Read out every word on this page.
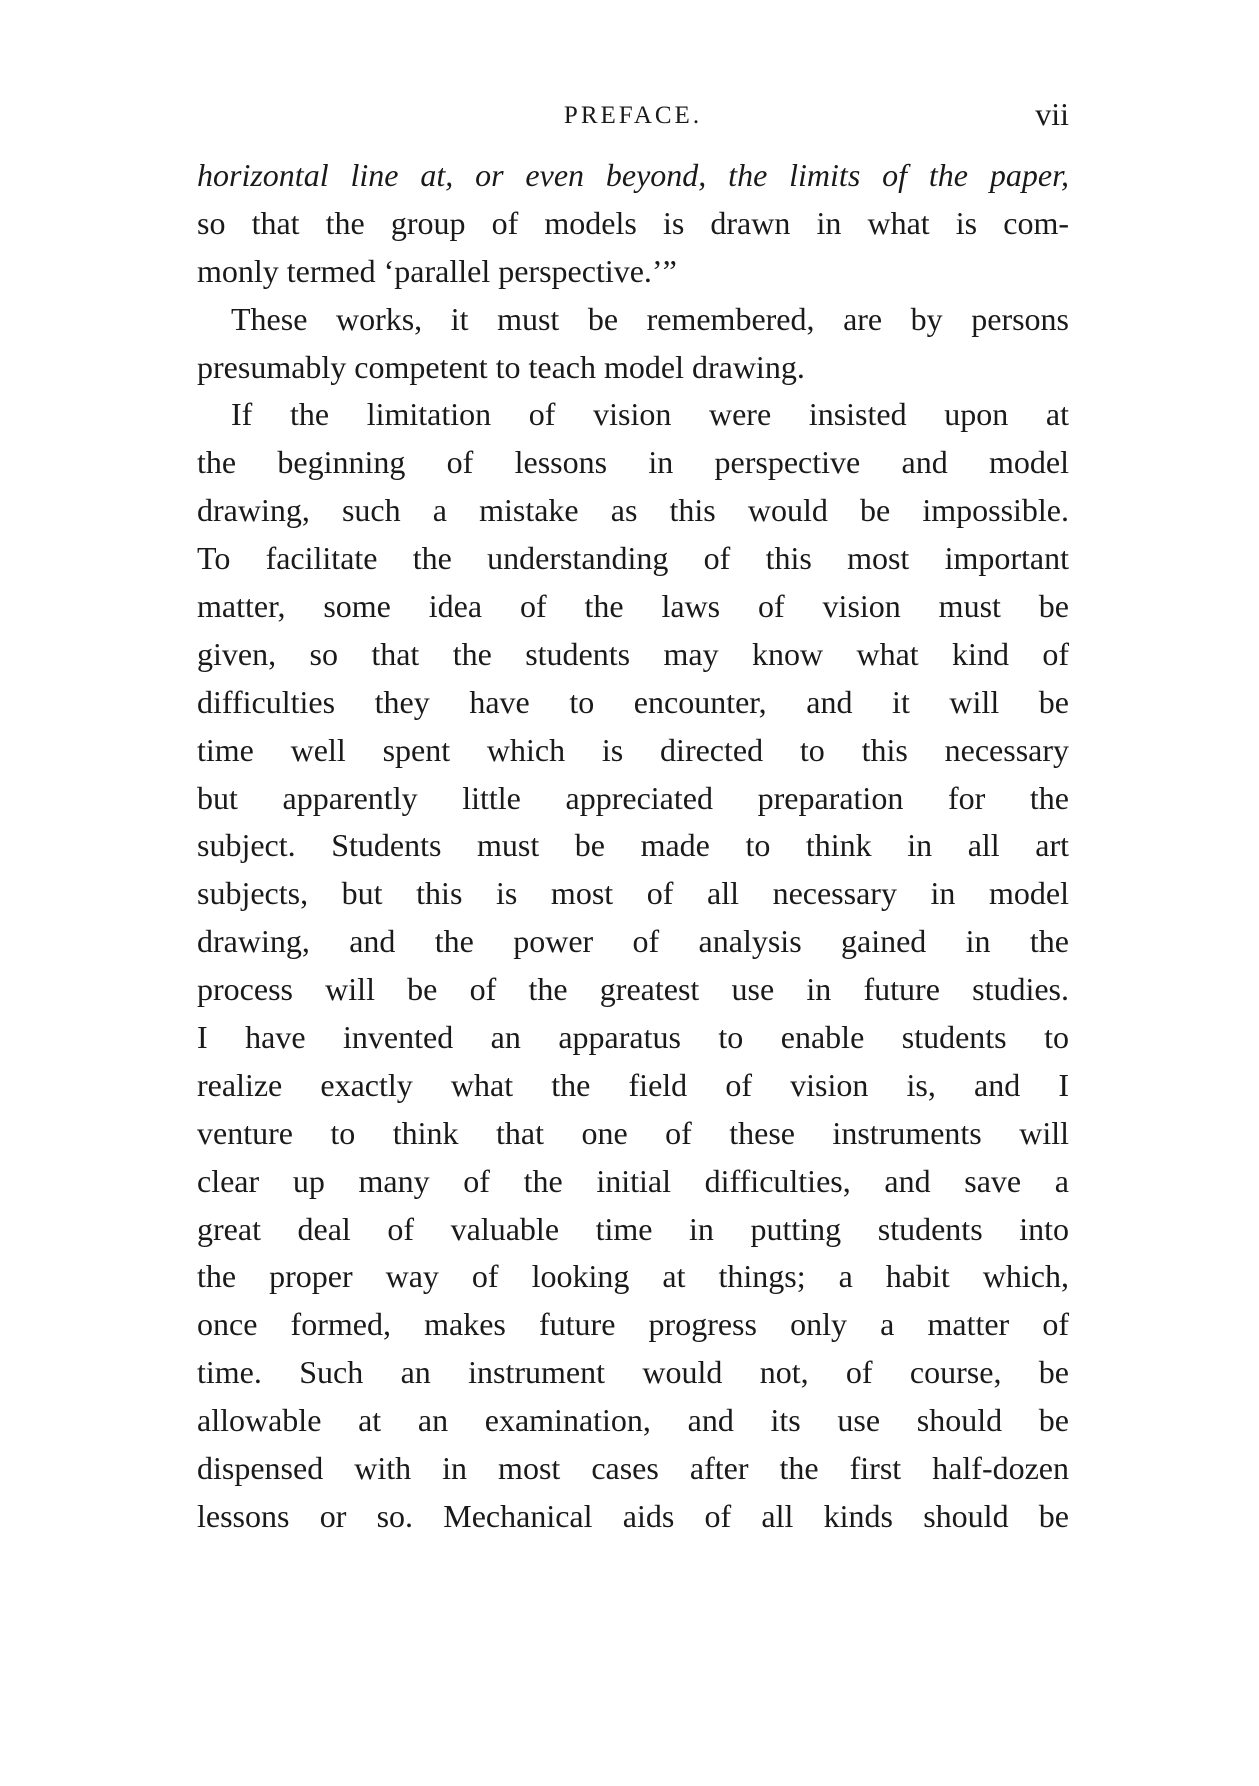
PREFACE.	vii
horizontal line at, or even beyond, the limits of the paper,
so that the group of models is drawn in what is com-
monly termed ‘parallel perspective.’”
These works, it must be remembered, are by persons
presumably competent to teach model drawing.
If the limitation of vision were insisted upon at
the beginning of lessons in perspective and model
drawing, such a mistake as this would be impossible.
To facilitate the understanding of this most important
matter, some idea of the laws of vision must be
given, so that the students may know what kind of
difficulties they have to encounter, and it will be
time well spent which is directed to this necessary
but apparently little appreciated preparation for the
subject. Students must be made to think in all art
subjects, but this is most of all necessary in model
drawing, and the power of analysis gained in the
process will be of the greatest use in future studies.
I have invented an apparatus to enable students to
realize exactly what the field of vision is, and I
venture to think that one of these instruments will
clear up many of the initial difficulties, and save a
great deal of valuable time in putting students into
the proper way of looking at things; a habit which,
once formed, makes future progress only a matter of
time. Such an instrument would not, of course, be
allowable at an examination, and its use should be
dispensed with in most cases after the first half-dozen
lessons or so. Mechanical aids of all kinds should be
